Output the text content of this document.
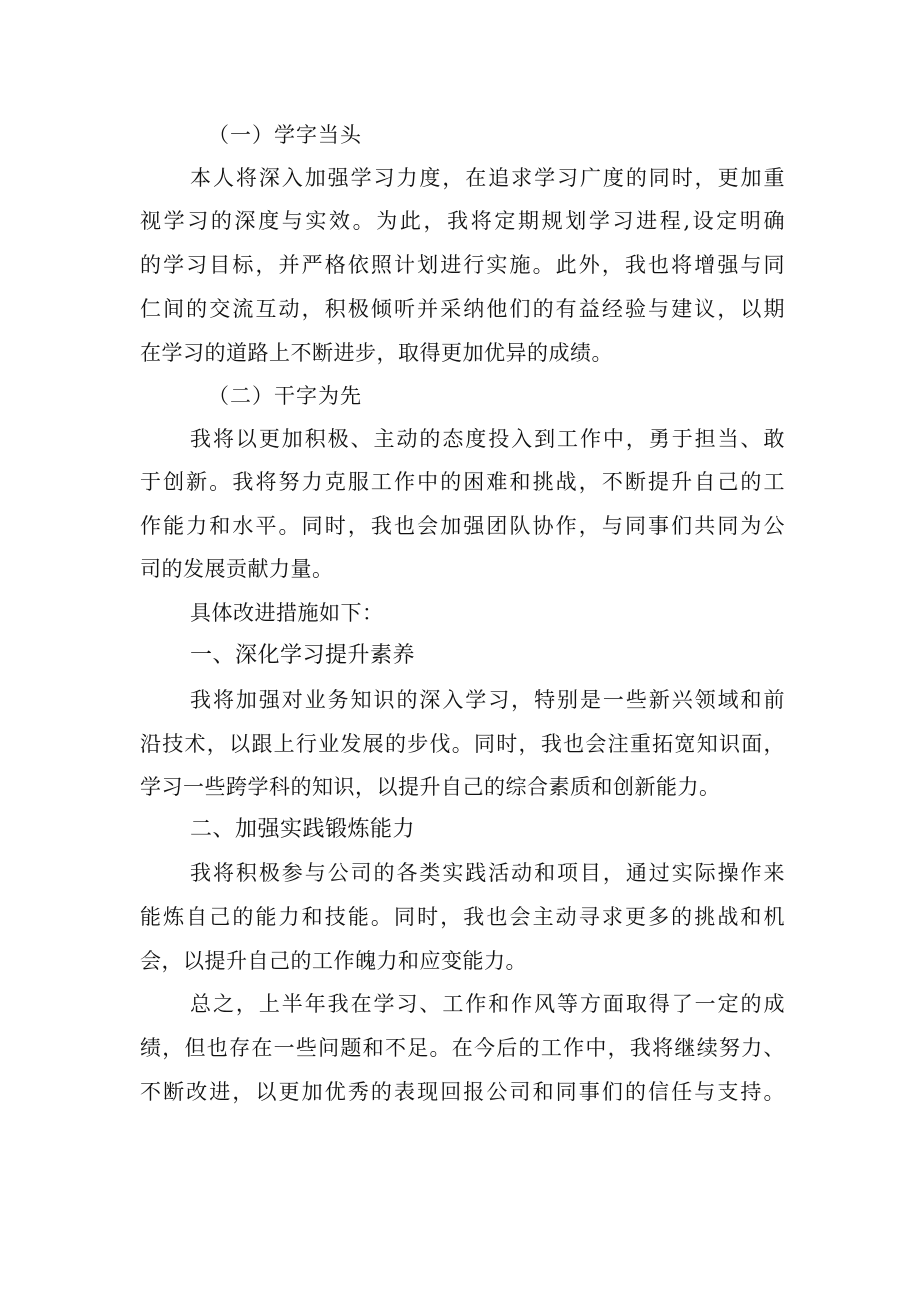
（一）学字当头
本人将深入加强学习力度，在追求学习广度的同时，更加重
视学习的深度与实效。为此，我将定期规划学习进程,设定明确
的学习目标，并严格依照计划进行实施。此外，我也将增强与同
仁间的交流互动，积极倾听并采纳他们的有益经验与建议，以期
在学习的道路上不断进步，取得更加优异的成绩。
（二）干字为先
我将以更加积极、主动的态度投入到工作中，勇于担当、敢
于创新。我将努力克服工作中的困难和挑战，不断提升自己的工
作能力和水平。同时，我也会加强团队协作，与同事们共同为公
司的发展贡献力量。
具体改进措施如下：
一、深化学习提升素养
我将加强对业务知识的深入学习，特别是一些新兴领域和前
沿技术，以跟上行业发展的步伐。同时，我也会注重拓宽知识面，
学习一些跨学科的知识，以提升自己的综合素质和创新能力。
二、加强实践锻炼能力
我将积极参与公司的各类实践活动和项目，通过实际操作来
能炼自己的能力和技能。同时，我也会主动寻求更多的挑战和机
会，以提升自己的工作魄力和应变能力。
总之，上半年我在学习、工作和作风等方面取得了一定的成
绩，但也存在一些问题和不足。在今后的工作中，我将继续努力、
不断改进，以更加优秀的表现回报公司和同事们的信任与支持。
